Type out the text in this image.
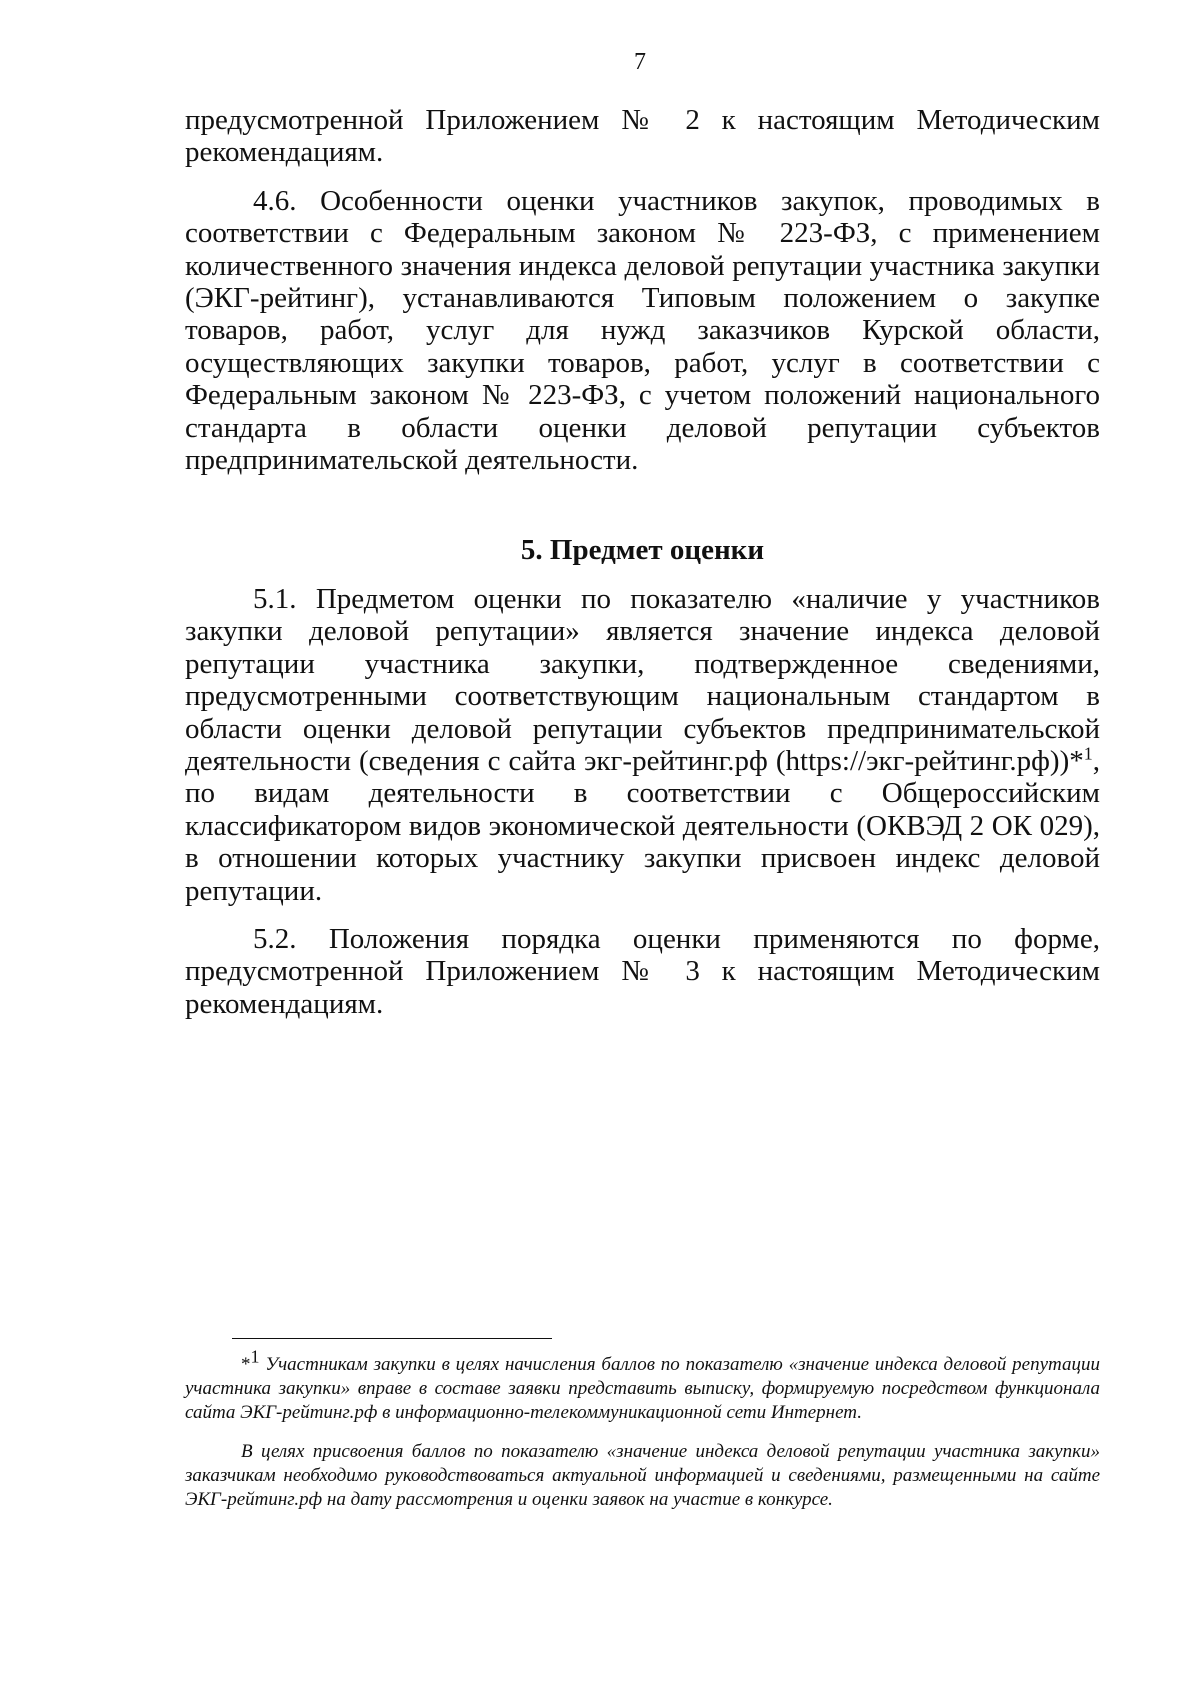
7

предусмотренной Приложением № 2 к настоящим Методическим рекомендациям.

4.6. Особенности оценки участников закупок, проводимых в соответствии с Федеральным законом № 223-ФЗ, с применением количественного значения индекса деловой репутации участника закупки (ЭКГ-рейтинг), устанавливаются Типовым положением о закупке товаров, работ, услуг для нужд заказчиков Курской области, осуществляющих закупки товаров, работ, услуг в соответствии с Федеральным законом № 223-ФЗ, с учетом положений национального стандарта в области оценки деловой репутации субъектов предпринимательской деятельности.

5. Предмет оценки

5.1. Предметом оценки по показателю «наличие у участников закупки деловой репутации» является значение индекса деловой репутации участника закупки, подтвержденное сведениями, предусмотренными соответствующим национальным стандартом в области оценки деловой репутации субъектов предпринимательской деятельности (сведения с сайта экг-рейтинг.рф (https://экг-рейтинг.рф))*$^1$, по видам деятельности в соответствии с Общероссийским классификатором видов экономической деятельности (ОКВЭД 2 ОК 029), в отношении которых участнику закупки присвоен индекс деловой репутации.

5.2. Положения порядка оценки применяются по форме, предусмотренной Приложением № 3 к настоящим Методическим рекомендациям.

*$^1$ Участникам закупки в целях начисления баллов по показателю «значение индекса деловой репутации участника закупки» вправе в составе заявки представить выписку, формируемую посредством функционала сайта ЭКГ-рейтинг.рф в информационно-телекоммуникационной сети Интернет.

В целях присвоения баллов по показателю «значение индекса деловой репутации участника закупки» заказчикам необходимо руководствоваться актуальной информацией и сведениями, размещенными на сайте ЭКГ-рейтинг.рф на дату рассмотрения и оценки заявок на участие в конкурсе.
